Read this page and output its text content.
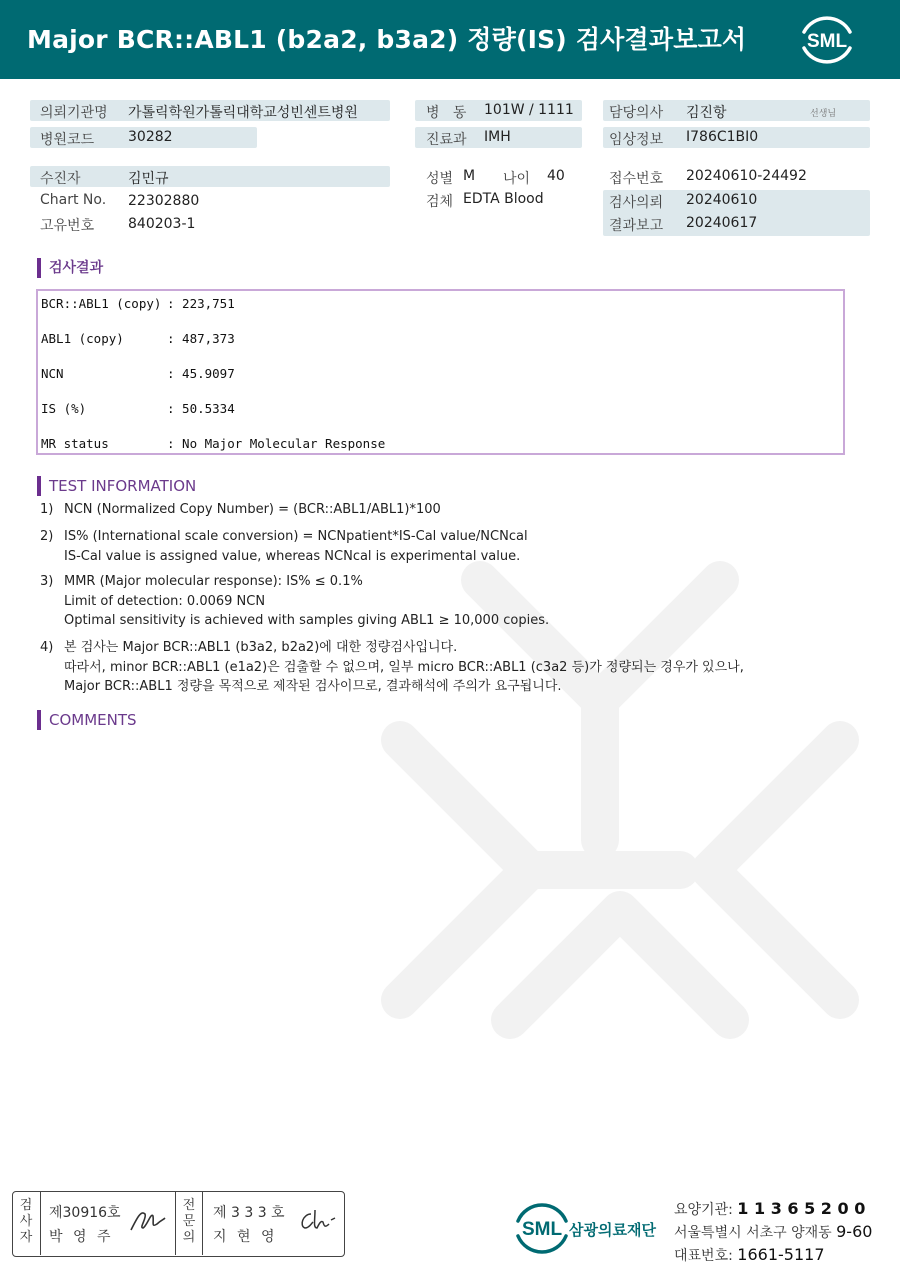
Major BCR::ABL1 (b2a2, b3a2) 정량(IS) 검사결과보고서	SML
의뢰기관명 가톨릭학원가톨릭대학교성빈센트병원
병원코드 30282
병   동 101W / 1111
진료과 IMH
담당의사 김진항	선생님
임상정보 I786C1BI0
수진자	김민규
Chart No. 22302880
고유번호 840203-1
성별 M 나이 40
검체 EDTA Blood
접수번호 20240610-24492
검사의뢰 20240610
결과보고 20240617
검사결과
BCR::ABL1 (copy) : 223,751
ABL1 (copy)	: 487,373
NCN	: 45.9097
IS (%)	: 50.5334
MR status	: No Major Molecular Response
TEST INFORMATION
1) NCN (Normalized Copy Number) = (BCR::ABL1/ABL1)*100
2) IS% (International scale conversion) = NCNpatient*IS-Cal value/NCNcal
IS-Cal value is assigned value, whereas NCNcal is experimental value.
3) MMR (Major molecular response): IS% ≤ 0.1%
Limit of detection: 0.0069 NCN
Optimal sensitivity is achieved with samples giving ABL1 ≥ 10,000 copies.
4) 본 검사는 Major BCR::ABL1 (b3a2, b2a2)에 대한 정량검사입니다.
따라서, minor BCR::ABL1 (e1a2)은 검출할 수 없으며, 일부 micro BCR::ABL1 (c3a2 등)가 정량되는 경우가 있으나,
Major BCR::ABL1 정량을 목적으로 제작된 검사이므로, 결과해석에 주의가 요구됩니다.
COMMENTS
검
사
자
제30916호
박 영 주
전
문
의
제 3 3 3 호
지 현 영	SML 삼광의료재단
요양기관: 1 1 3 6 5 2 0 0
서울특별시 서초구 양재동 9-60
대표번호: 1661-5117
